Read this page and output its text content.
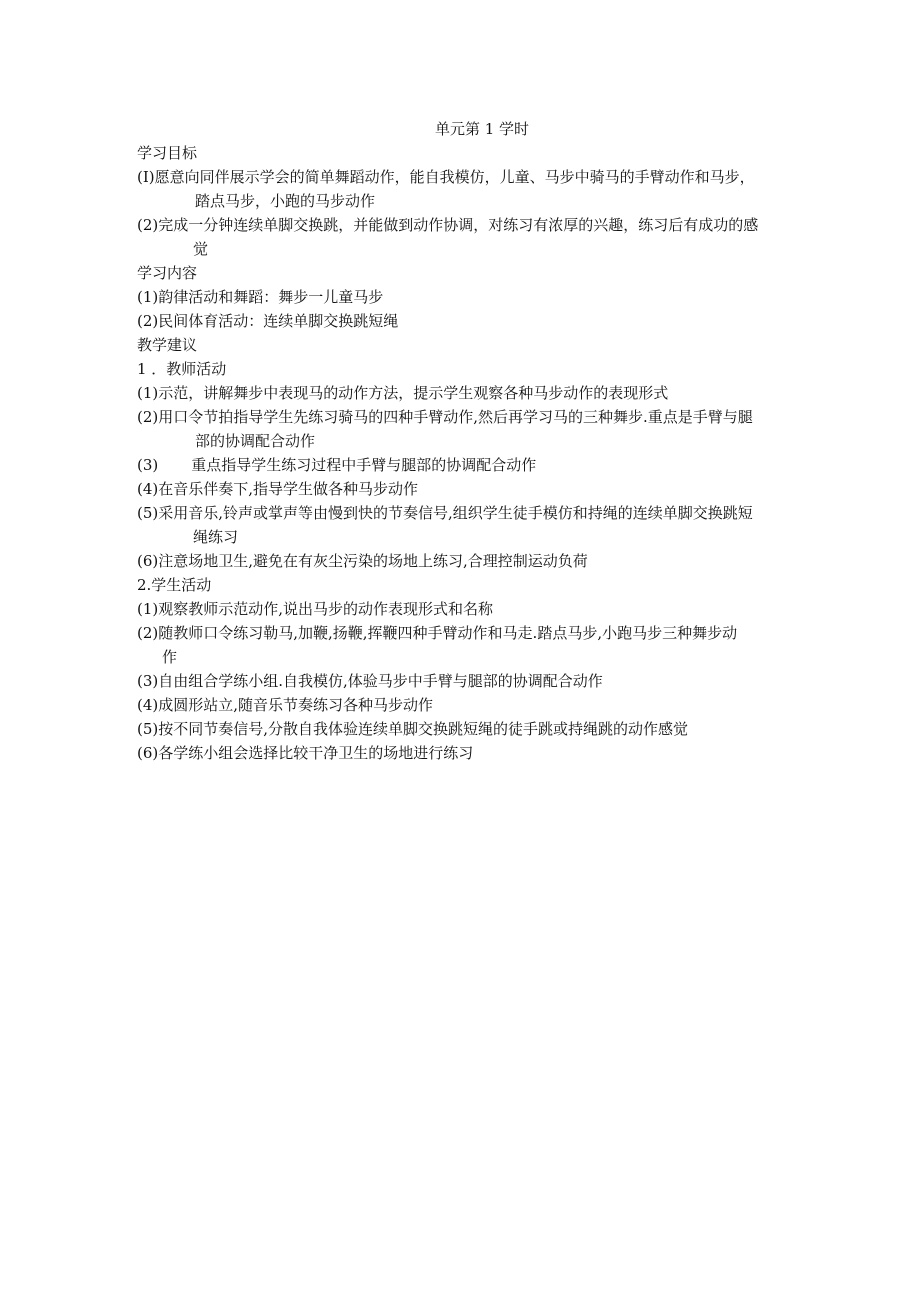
单元第 1 学时
学习目标
(I)愿意向同伴展示学会的简单舞蹈动作，能自我模仿，儿童、马步中骑马的手臂动作和马步，
踏点马步，小跑的马步动作
(2)完成一分钟连续单脚交换跳，并能做到动作协调，对练习有浓厚的兴趣，练习后有成功的感
觉
学习内容
(1)韵律活动和舞蹈：舞步一儿童马步
(2)民间体育活动：连续单脚交换跳短绳
教学建议
1 ．教师活动
(1)示范，讲解舞步中表现马的动作方法，提示学生观察各种马步动作的表现形式
(2)用口令节拍指导学生先练习骑马的四种手臂动作,然后再学习马的三种舞步.重点是手臂与腿
部的协调配合动作
(3) 重点指导学生练习过程中手臂与腿部的协调配合动作
(4)在音乐伴奏下,指导学生做各种马步动作
(5)采用音乐,铃声或掌声等由慢到快的节奏信号,组织学生徒手模仿和持绳的连续单脚交换跳短
绳练习
(6)注意场地卫生,避免在有灰尘污染的场地上练习,合理控制运动负荷
2.学生活动
(1)观察教师示范动作,说出马步的动作表现形式和名称
(2)随教师口令练习勒马,加鞭,扬鞭,挥鞭四种手臂动作和马走.踏点马步,小跑马步三种舞步动
作
(3)自由组合学练小组.自我模仿,体验马步中手臂与腿部的协调配合动作
(4)成圆形站立,随音乐节奏练习各种马步动作
(5)按不同节奏信号,分散自我体验连续单脚交换跳短绳的徒手跳或持绳跳的动作感觉
(6)各学练小组会选择比较干净卫生的场地进行练习
